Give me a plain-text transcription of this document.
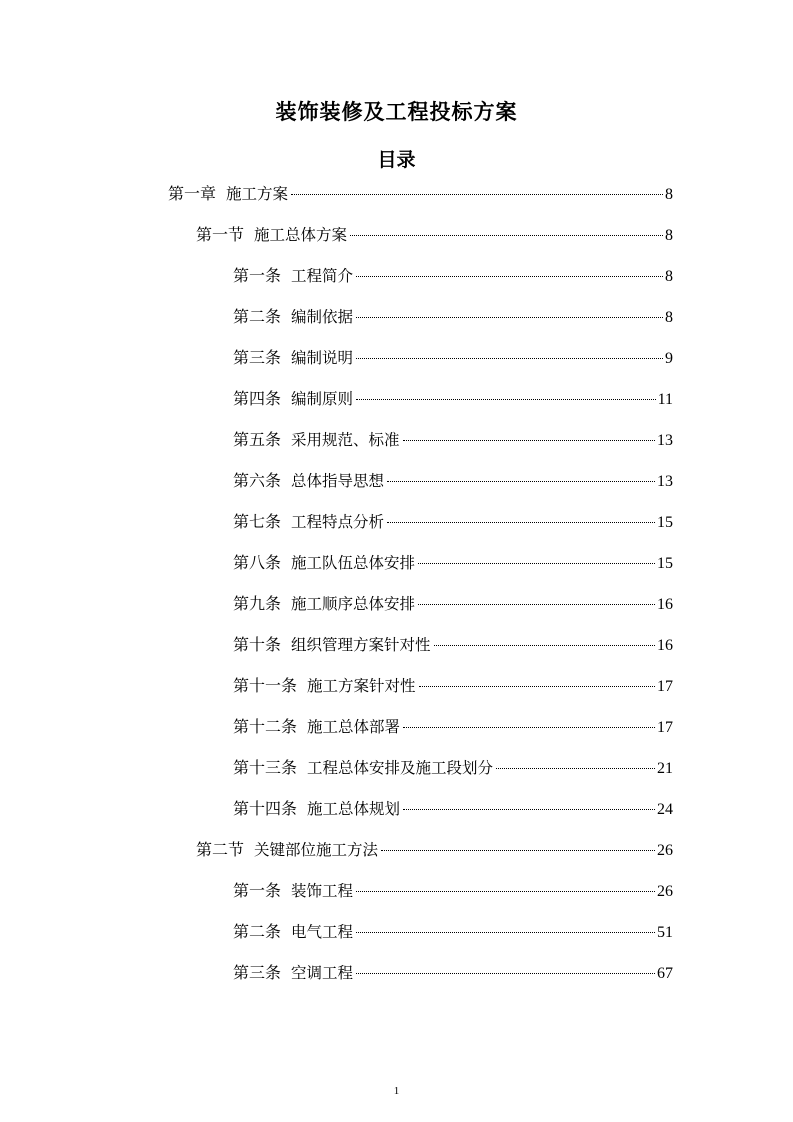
装饰装修及工程投标方案
目录
第一章 施工方案	8
第一节 施工总体方案	8
第一条 工程简介	8
第二条 编制依据	8
第三条 编制说明	9
第四条 编制原则	11
第五条 采用规范、标准	13
第六条 总体指导思想	13
第七条 工程特点分析	15
第八条 施工队伍总体安排	15
第九条 施工顺序总体安排	16
第十条 组织管理方案针对性	16
第十一条 施工方案针对性	17
第十二条 施工总体部署	17
第十三条 工程总体安排及施工段划分	21
第十四条 施工总体规划	24
第二节 关键部位施工方法	26
第一条 装饰工程	26
第二条 电气工程	51
第三条 空调工程	67

1
